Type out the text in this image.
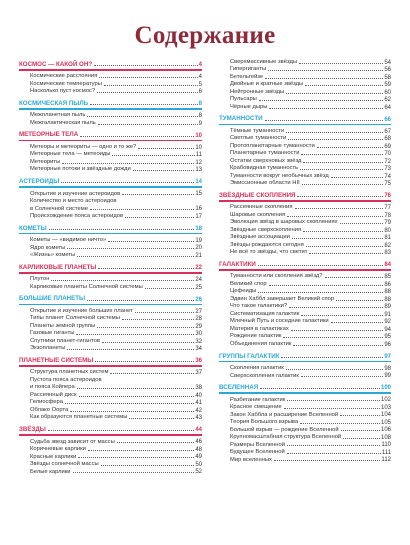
Содержание
КОСМОС — КАКОЙ ОН?	4
Космические расстояния	4
Космические температуры	5
Насколько пуст космос?	6
КОСМИЧЕСКАЯ ПЫЛЬ	8
Межпланетная пыль	8
Межгалактическая пыль	9
МЕТЕОРНЫЕ ТЕЛА	10
Метеоры и метеориты — одно и то же?	10
Метеорные тела — метеоиды	11
Метеориты	12
Метеорные потоки и звёздные дожди	13
АСТЕРОИДЫ	14
Открытие и изучение астероидов	15
Количество и место астероидов
в Солнечной системе	16
Происхождение пояса астероидов	17
КОМЕТЫ	18
Кометы — «видимое ничто»	19
Ядро кометы	20
«Жизнь» кометы	21
КАРЛИКОВЫЕ ПЛАНЕТЫ	22
Плутон	24
Карликовые планеты Солнечной системы	25
БОЛЬШИЕ ПЛАНЕТЫ	26
Открытие и изучение больших планет	27
Типы планет Солнечной системы	28
Планеты земной группы	29
Газовые гиганты	30
Спутники планет-гигантов	32
Экзопланеты	34
ПЛАНЕТНЫЕ СИСТЕМЫ	36
Структура планетных систем	37
Пустота пояса астероидов
и пояса Койпера	38
Рассеянный диск	40
Гелиосфера	41
Облако Оорта	42
Как образуются планетные системы	43
ЗВЁЗДЫ	44
Судьба звезд зависит от массы	46
Коричневые карлики	48
Красные карлики	49
Звёзды солнечной массы	50
Белые карлики	52
Сверхмассивные звёзды	54
Гипергиганты	56
Бетельгейзе	58
Двойные и кратные звёзды	59
Нейтронные звёзды	60
Пульсары	62
Чёрные дыры	64
ТУМАННОСТИ	66
Тёмные туманности	67
Светлые туманности	68
Протопланетарные туманности	69
Планетарные туманности	70
Остатки сверхновых звёзд	72
Крабовидная туманность	73
Туманности вокруг необычных звёзд	74
Эмиссионные области HII	75
ЗВЁЗДНЫЕ СКОПЛЕНИЯ	76
Рассеянные скопления	77
Шаровые скопления	78
Эволюция звёзд в шаровых скоплениях	79
Звёздные сверхскопления	80
Звёздные ассоциации	81
Звёзды рождаются сегодня	82
Не всё то звёзды, что светит	83
ГАЛАКТИКИ	84
Туманности или скопления звёзд?	85
Великий спор	86
Цефеиды	88
Эдвин Хаббл завершает Великий спор	88
Что такое галактики?	89
Систематизация галактик	91
Млечный Путь и соседние галактики	92
Материя в галактиках	94
Рождение галактик	95
Объединения галактик	96
ГРУППЫ ГАЛАКТИК	97
Скопления галактик	98
Сверхскопления галактик	99
ВСЕЛЕННАЯ	100
Разбегание галактик	102
Красное смещение	103
Закон Хаббла и расширение Вселенной	104
Теория Большого взрыва	105
Большой взрыв — рождение Вселенной	106
Крупномасштабная структура Вселенной	108
Размеры Вселенной	110
Будущее Вселенной	111
Мир вселенных	112
